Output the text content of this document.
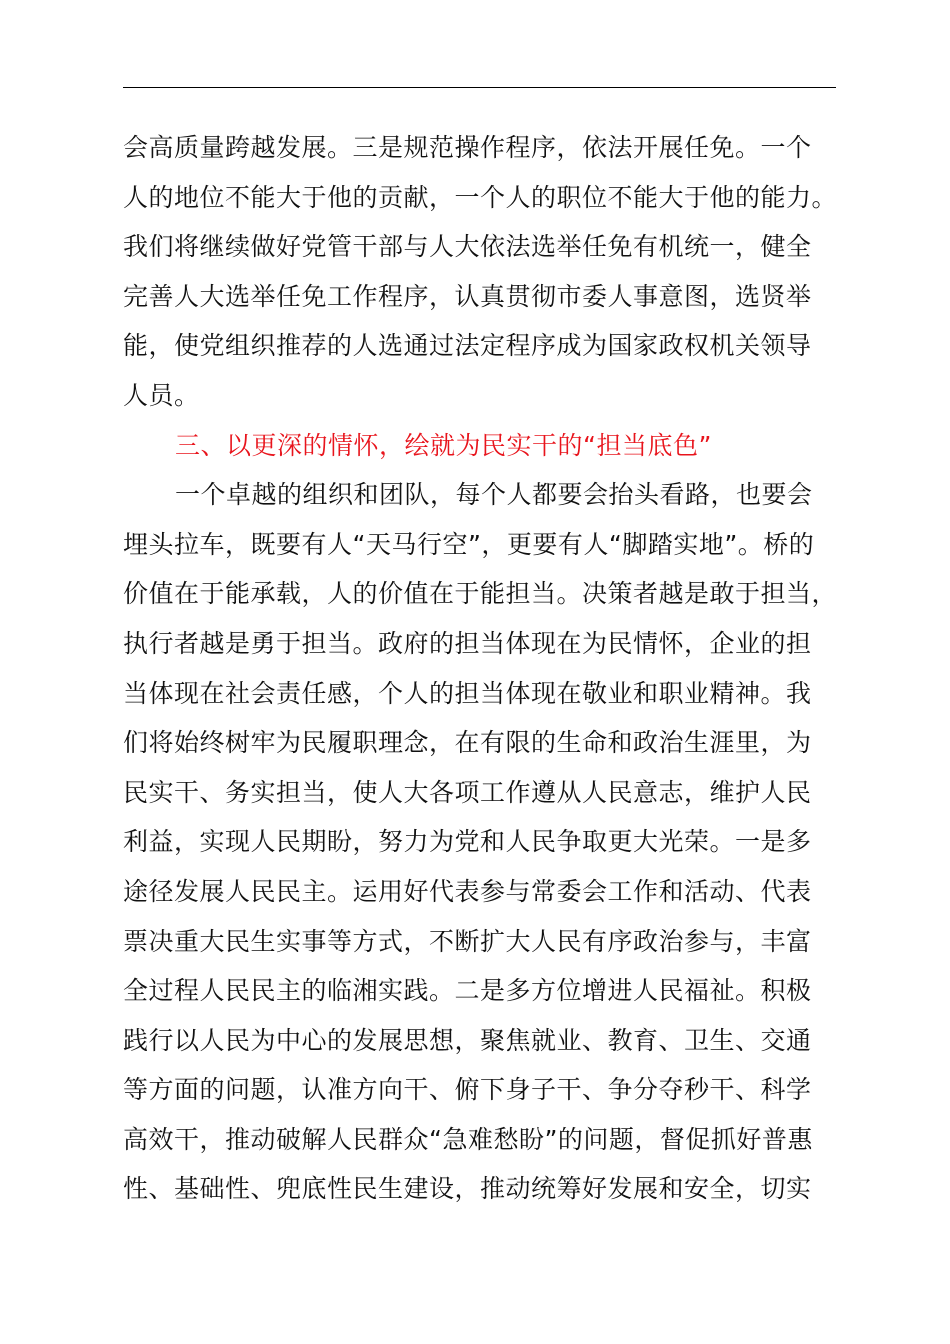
会高质量跨越发展。三是规范操作程序，依法开展任免。一个
人的地位不能大于他的贡献，一个人的职位不能大于他的能力。
我们将继续做好党管干部与人大依法选举任免有机统一，健全
完善人大选举任免工作程序，认真贯彻市委人事意图，选贤举
能，使党组织推荐的人选通过法定程序成为国家政权机关领导
人员。
三、以更深的情怀，绘就为民实干的“担当底色”
一个卓越的组织和团队，每个人都要会抬头看路，也要会
埋头拉车，既要有人“天马行空”，更要有人“脚踏实地”。桥的
价值在于能承载，人的价值在于能担当。决策者越是敢于担当，
执行者越是勇于担当。政府的担当体现在为民情怀，企业的担
当体现在社会责任感，个人的担当体现在敬业和职业精神。我
们将始终树牢为民履职理念，在有限的生命和政治生涯里，为
民实干、务实担当，使人大各项工作遵从人民意志，维护人民
利益，实现人民期盼，努力为党和人民争取更大光荣。一是多
途径发展人民民主。运用好代表参与常委会工作和活动、代表
票决重大民生实事等方式，不断扩大人民有序政治参与，丰富
全过程人民民主的临湘实践。二是多方位增进人民福祉。积极
践行以人民为中心的发展思想，聚焦就业、教育、卫生、交通
等方面的问题，认准方向干、俯下身子干、争分夺秒干、科学
高效干，推动破解人民群众“急难愁盼”的问题，督促抓好普惠
性、基础性、兜底性民生建设，推动统筹好发展和安全，切实
